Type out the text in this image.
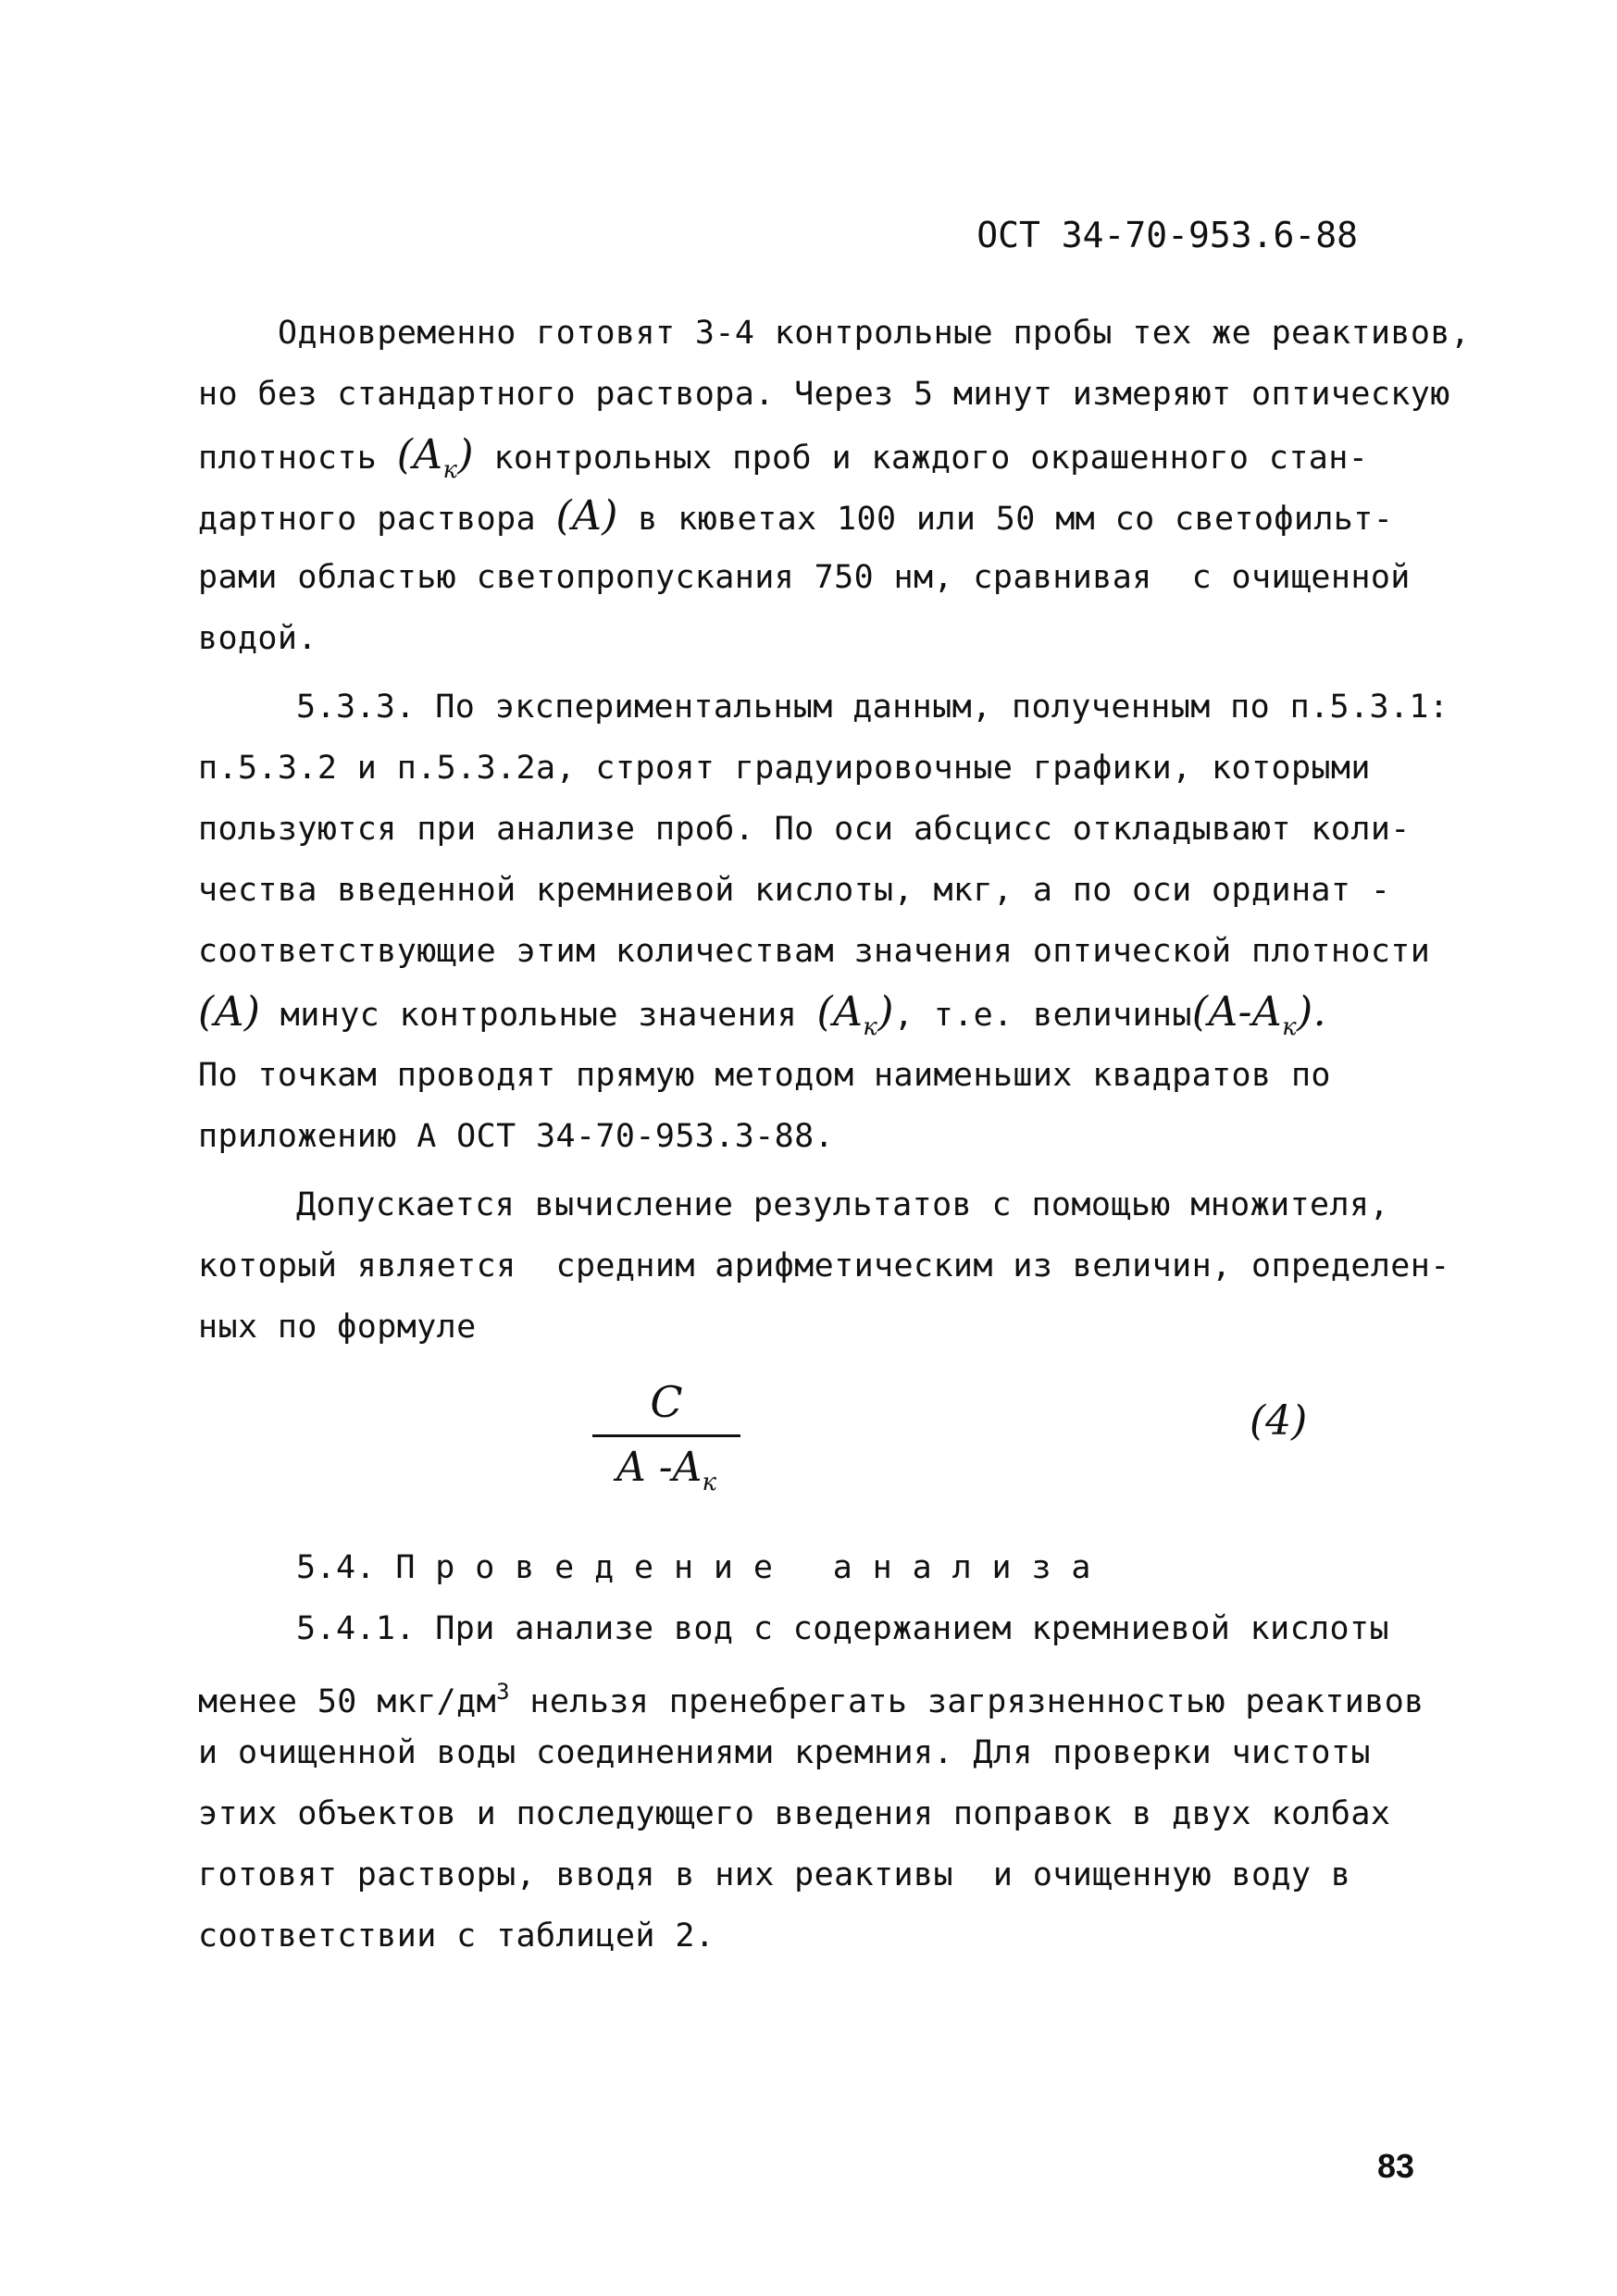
ОСТ 34-70-953.6-88
Одновременно готовят 3-4 контрольные пробы тех же реактивов,
но без стандартного раствора. Через 5 минут измеряют оптическую
плотность $(A_к)$ контрольных проб и каждого окрашенного стан-
дартного раствора (A) в кюветах 100 или 50 мм со светофильт-
рами областью светопропускания 750 нм, сравнивая  с очищенной
водой.
5.3.3. По экспериментальным данным, полученным по п.5.3.1:
п.5.3.2 и п.5.3.2а, строят градуировочные графики, которыми
пользуются при анализе проб. По оси абсцисс откладывают коли-
чества введенной кремниевой кислоты, мкг, а по оси ординат -
соответствующие этим количествам значения оптической плотности
(A) минус контрольные значения $(A_к)$, т.е. $величины(A-A_к)$.
По точкам проводят прямую методом наименьших квадратов по
приложению А ОСТ 34-70-953.3-88.
Допускается вычисление результатов с помощью множителя,
который является  средним арифметическим из величин, определен-
ных по формуле
C
A $-A_к$
(4)
5.4. П р о в е д е н и е   а н а л и з а
5.4.1. При анализе вод с содержанием кремниевой кислоты
менее 50 мкг/$дм^3$ нельзя пренебрегать загрязненностью реактивов
и очищенной воды соединениями кремния. Для проверки чистоты
этих объектов и последующего введения поправок в двух колбах
готовят растворы, вводя в них реактивы  и очищенную воду в
соответствии с таблицей 2.
83
